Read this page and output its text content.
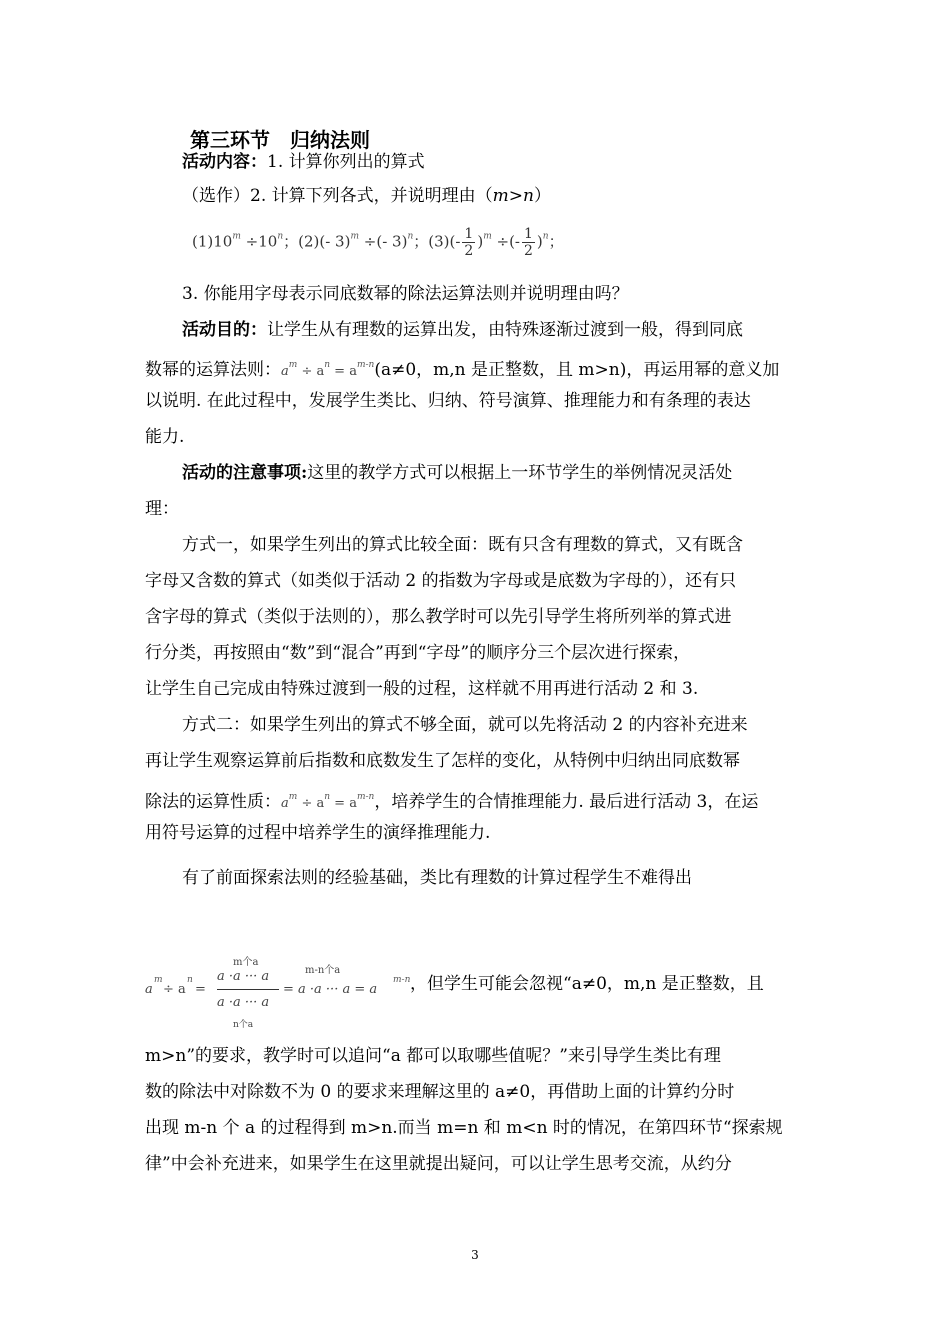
第三环节　归纳法则
活动内容：1. 计算你列出的算式
（选作）2. 计算下列各式，并说明理由（m>n）
$(1)10^m \div 10^n$；(2)(- 3)$^m$ ÷(- 3)$^n$；$(3)(- \frac{1}{2} )^m$ ÷(- $\frac{1}{2} )^n$；
3. 你能用字母表示同底数幂的除法运算法则并说明理由吗？
活动目的：让学生从有理数的运算出发，由特殊逐渐过渡到一般，得到同底
数幂的运算法则：$a^m \div a^n = a^{m-n}(a\ne 0$，m,n 是正整数，且 m>n)，再运用幂的意义加
以说明. 在此过程中，发展学生类比、归纳、符号演算、推理能力和有条理的表达
能力.
活动的注意事项:这里的教学方式可以根据上一环节学生的举例情况灵活处
理：
方式一，如果学生列出的算式比较全面：既有只含有理数的算式，又有既含
字母又含数的算式（如类似于活动 2 的指数为字母或是底数为字母的），还有只
含字母的算式（类似于法则的），那么教学时可以先引导学生将所列举的算式进
行分类，再按照由“数”到“混合”再到“字母”的顺序分三个层次进行探索，
让学生自己完成由特殊过渡到一般的过程，这样就不用再进行活动 2 和 3.
方式二：如果学生列出的算式不够全面，就可以先将活动 2 的内容补充进来
再让学生观察运算前后指数和底数发生了怎样的变化，从特例中归纳出同底数幂
除法的运算性质：$a^m \div a^n = a^{m-n}$，培养学生的合情推理能力. 最后进行活动 3，在运
用符号运算的过程中培养学生的演绎推理能力.
有了前面探索法则的经验基础，类比有理数的计算过程学生不难得出
a
m
÷ a
n
=
m个a
a ·a ··· a
a ·a ··· a
n个a
m-n个a
= a ·a ··· a = a
m-n ，但学生可能会忽视“a≠0，m,n 是正整数，且
m>n”的要求，教学时可以追问“a 都可以取哪些值呢？”来引导学生类比有理
数的除法中对除数不为 0 的要求来理解这里的 a≠0，再借助上面的计算约分时
出现 m-n 个 a 的过程得到 m>n.而当 m=n 和 m<n 时的情况，在第四环节“探索规
律”中会补充进来，如果学生在这里就提出疑问，可以让学生思考交流，从约分
3
